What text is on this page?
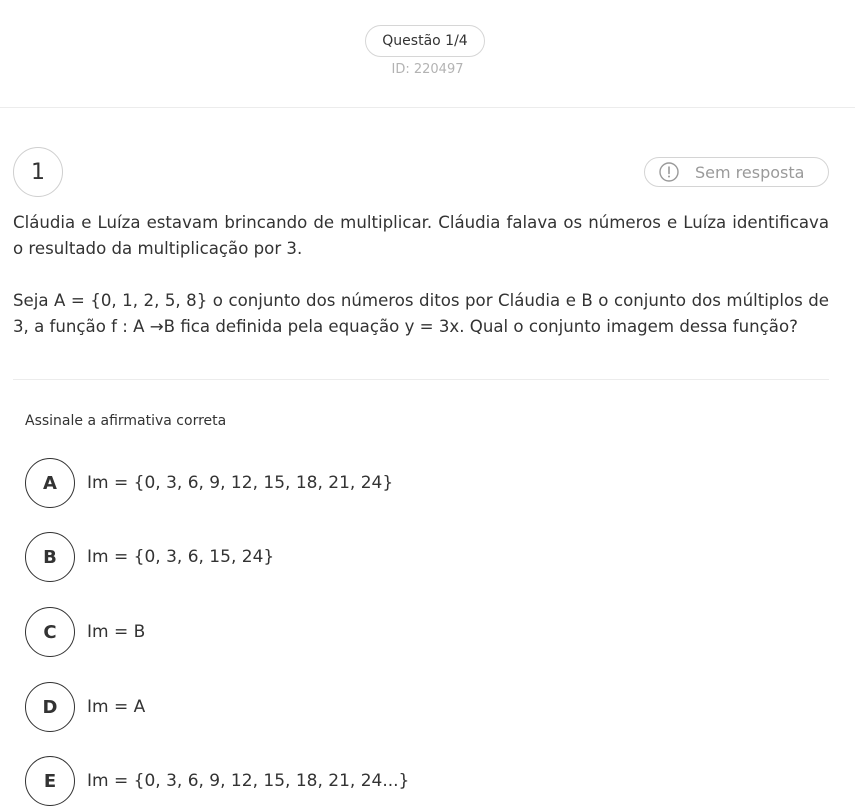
Questão 1/4
ID: 220497
1	Sem resposta

Cláudia e Luíza estavam brincando de multiplicar. Cláudia falava os números e Luíza identificava o resultado da multiplicação por 3.

Seja A = {0, 1, 2, 5, 8} o conjunto dos números ditos por Cláudia e B o conjunto dos múltiplos de 3, a função f : A →B fica definida pela equação y = 3x. Qual o conjunto imagem dessa função?

Assinale a afirmativa correta
A	Im = {0, 3, 6, 9, 12, 15, 18, 21, 24}
B	Im = {0, 3, 6, 15, 24}
C	Im = B
D	Im = A
E	Im = {0, 3, 6, 9, 12, 15, 18, 21, 24...}
